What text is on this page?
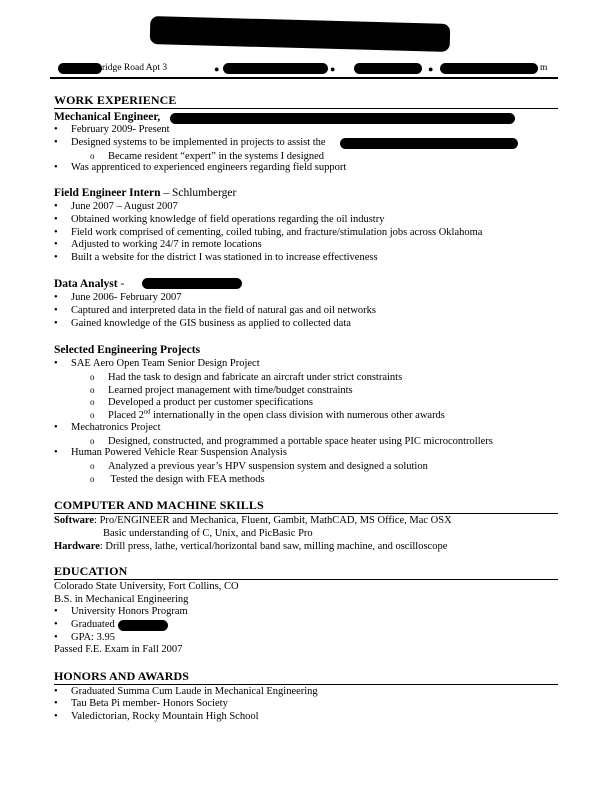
ridge Road Apt 3	●	●	●	m
WORK EXPERIENCE
Mechanical Engineer,
• February 2009- Present
• Designed systems to be implemented in projects to assist the
o Became resident “expert” in the systems I designed
• Was apprenticed to experienced engineers regarding field support
Field Engineer Intern – Schlumberger
• June 2007 – August 2007
• Obtained working knowledge of field operations regarding the oil industry
• Field work comprised of cementing, coiled tubing, and fracture/stimulation jobs across Oklahoma
• Adjusted to working 24/7 in remote locations
• Built a website for the district I was stationed in to increase effectiveness
Data Analyst -
• June 2006- February 2007
• Captured and interpreted data in the field of natural gas and oil networks
• Gained knowledge of the GIS business as applied to collected data
Selected Engineering Projects
• SAE Aero Open Team Senior Design Project
o Had the task to design and fabricate an aircraft under strict constraints
o Learned project management with time/budget constraints
o Developed a product per customer specifications
o Placed 2nd internationally in the open class division with numerous other awards
• Mechatronics Project
o Designed, constructed, and programmed a portable space heater using PIC microcontrollers
• Human Powered Vehicle Rear Suspension Analysis
o Analyzed a previous year’s HPV suspension system and designed a solution
o Tested the design with FEA methods
COMPUTER AND MACHINE SKILLS
Software: Pro/ENGINEER and Mechanica, Fluent, Gambit, MathCAD, MS Office, Mac OSX
Basic understanding of C, Unix, and PicBasic Pro
Hardware: Drill press, lathe, vertical/horizontal band saw, milling machine, and oscilloscope
EDUCATION
Colorado State University, Fort Collins, CO
B.S. in Mechanical Engineering
• University Honors Program
• Graduated
• GPA: 3.95
Passed F.E. Exam in Fall 2007
HONORS AND AWARDS
• Graduated Summa Cum Laude in Mechanical Engineering
• Tau Beta Pi member- Honors Society
• Valedictorian, Rocky Mountain High School
